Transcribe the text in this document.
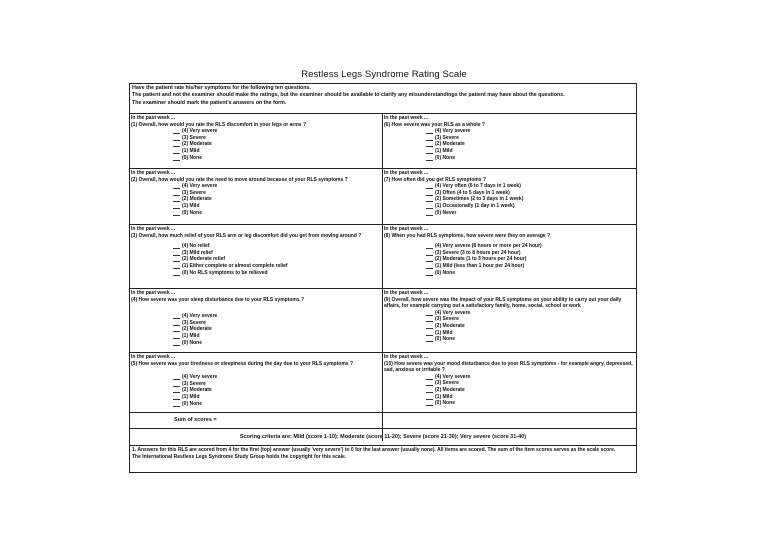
Restless Legs Syndrome Rating Scale
Have the patient rate his/her symptoms for the following ten questions.
The patient and not the examiner should make the ratings, but the examiner should be available to clarify any misunderstandings the patient may have about the questions.
The examiner should mark the patient's answers on the form.
In the past week ...
(1) Overall, how would you rate the RLS discomfort in your legs or arms ?
(4) Very severe
(3) Severe
(2) Moderate
(1) Mild
(0) None
In the past week ...
(6) How severe was your RLS as a whole ?
(4) Very severe
(3) Severe
(2) Moderate
(1) Mild
(0) None
In the past week ...
(2) Overall, how would you rate the need to move around because of your RLS symptoms ?
(4) Very severe
(3) Severe
(2) Moderate
(1) Mild
(0) None
In the past week ...
(7) How often did you get RLS symptoms ?
(4) Very often (6 to 7 days in 1 week)
(3) Often (4 to 5 days in 1 week)
(2) Sometimes (2 to 3 days in 1 week)
(1) Occasionally (1 day in 1 week)
(0) Never
In the past week ...
(3) Overall, how much relief of your RLS arm or leg discomfort did you get from moving around ?
(4) No relief
(3) Mild relief
(2) Moderate relief
(1) Either complete or almost complete relief
(0) No RLS symptoms to be relieved
In the past week ...
(8) When you had RLS symptoms, how severe were they on average ?
(4) Very severe (8 hours or more per 24 hour)
(3) Severe (3 to 8 hours per 24 hour)
(2) Moderate (1 to 3 hours per 24 hour)
(1) Mild (less than 1 hour per 24 hour)
(0) None
In the past week ...
(4) How severe was your sleep disturbance due to your RLS symptoms ?
(4) Very severe
(3) Severe
(2) Moderate
(1) Mild
(0) None
In the past week ...
(9) Overall, how severe was the impact of your RLS symptoms on your ability to carry out your daily affairs, for example carrying out a satisfactory family, home, social, school or work
(4) Very severe
(3) Severe
(2) Moderate
(1) Mild
(0) None
In the past week ...
(5) How severe was your tiredness or sleepiness during the day due to your RLS symptoms ?
(4) Very severe
(3) Severe
(2) Moderate
(1) Mild
(0) None
In the past week ...
(10) How severe was your mood disturbance due to your RLS symptoms - for example angry, depressed, sad, anxious or irritable ?
(4) Very severe
(3) Severe
(2) Moderate
(1) Mild
(0) None
Sum of scores =
Scoring criteria are: Mild (score 1-10); Moderate (score 11-20); Severe (score 21-30); Very severe (score 31-40)
1. Answers for this RLS are scored from 4 for the first (top) answer (usually 'very severe') to 0 for the last answer (usually none). All items are scored. The sum of the item scores serves as the scale score.
The International Restless Legs Syndrome Study Group holds the copyright for this scale.
